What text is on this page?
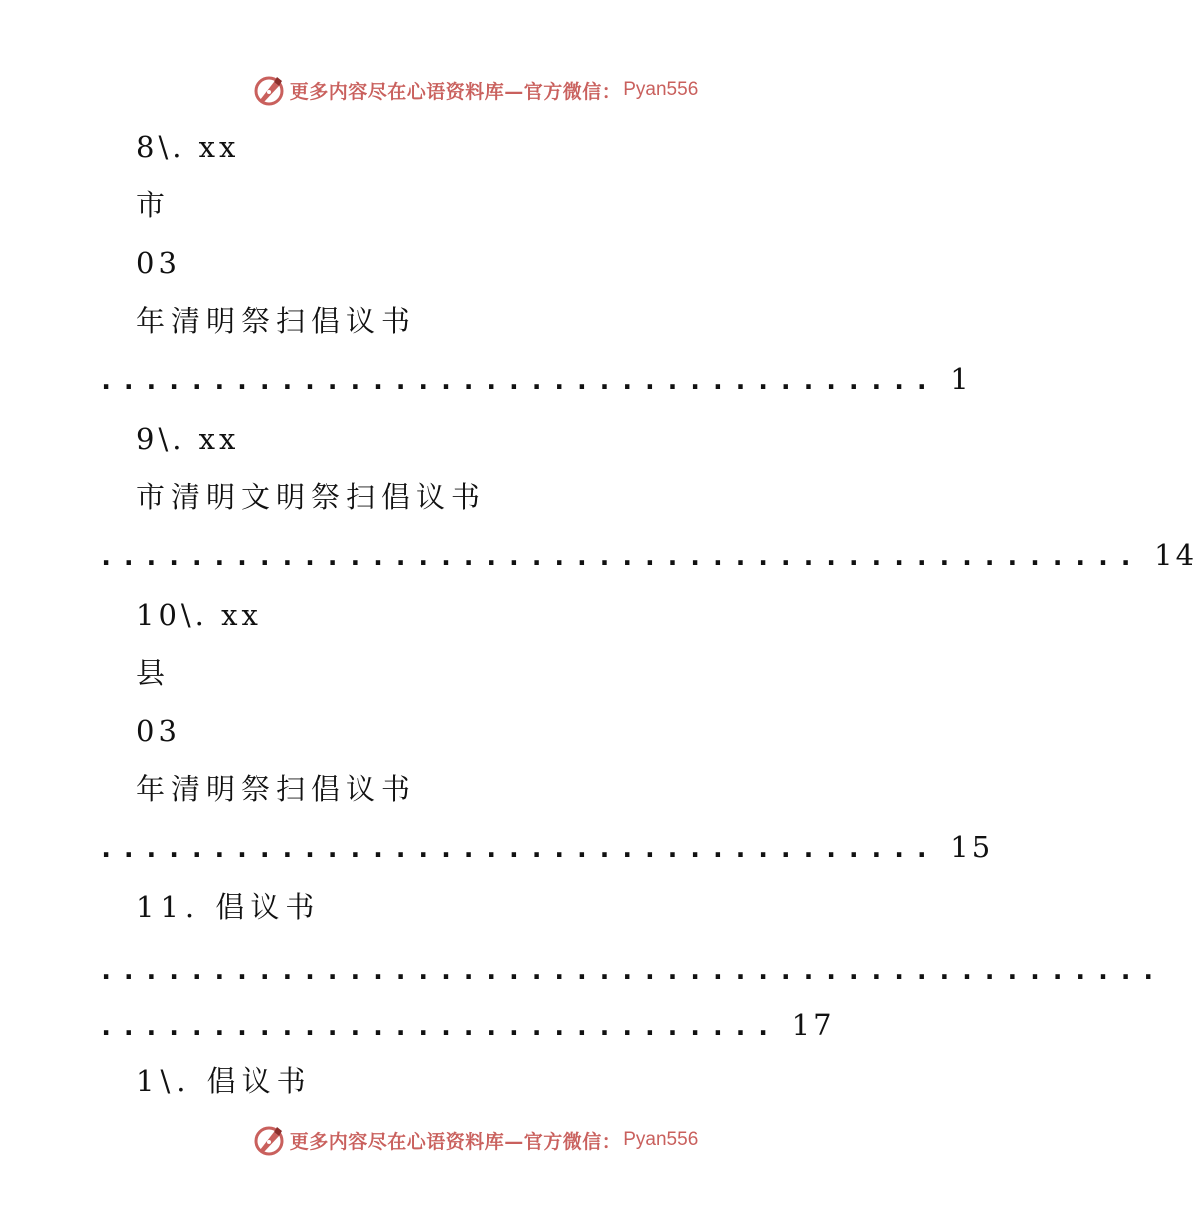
更多内容尽在心语资料库—官方微信： Pyan556
8\. xx
市
03
年清明祭扫倡议书
..................................... 1
9\. xx
市清明文明祭扫倡议书
.............................................. 14
10\. xx
县
03
年清明祭扫倡议书
..................................... 15
11. 倡议书
...............................................
.............................. 17
1\. 倡议书
更多内容尽在心语资料库—官方微信： Pyan556
